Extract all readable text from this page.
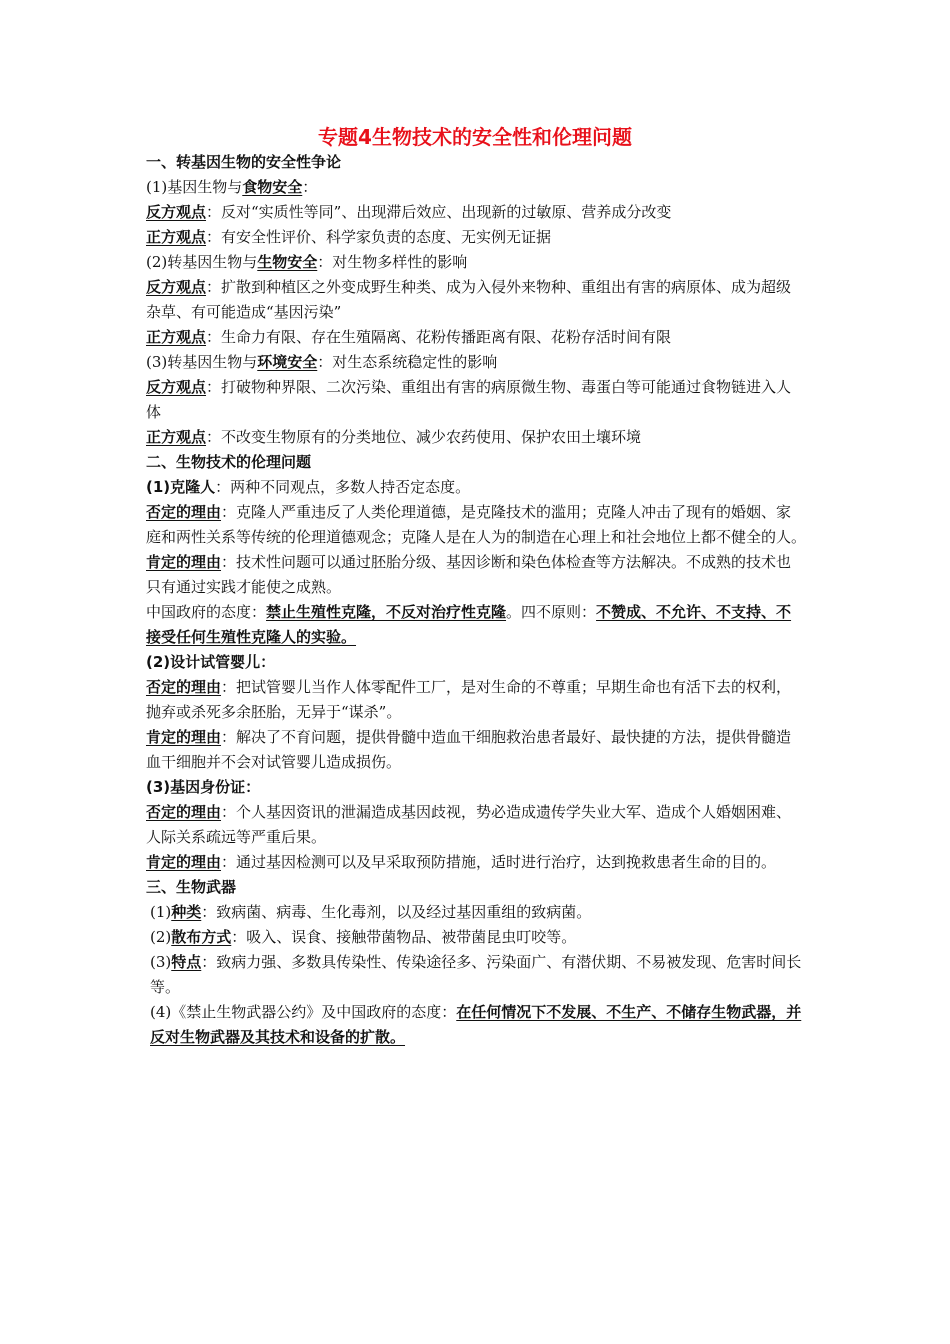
专题4生物技术的安全性和伦理问题

一、转基因生物的安全性争论

(1)基因生物与食物安全：

反方观点：反对“实质性等同”、出现滞后效应、出现新的过敏原、营养成分改变

正方观点：有安全性评价、科学家负责的态度、无实例无证据

(2)转基因生物与生物安全：对生物多样性的影响

反方观点：扩散到种植区之外变成野生种类、成为入侵外来物种、重组出有害的病原体、成为超级杂草、有可能造成“基因污染”

正方观点：生命力有限、存在生殖隔离、花粉传播距离有限、花粉存活时间有限

(3)转基因生物与环境安全：对生态系统稳定性的影响

反方观点：打破物种界限、二次污染、重组出有害的病原微生物、毒蛋白等可能通过食物链进入人体

正方观点：不改变生物原有的分类地位、减少农药使用、保护农田土壤环境

二、生物技术的伦理问题

(1)克隆人：两种不同观点，多数人持否定态度。

否定的理由：克隆人严重违反了人类伦理道德，是克隆技术的滥用；克隆人冲击了现有的婚姻、家庭和两性关系等传统的伦理道德观念；克隆人是在人为的制造在心理上和社会地位上都不健全的人。

肯定的理由：技术性问题可以通过胚胎分级、基因诊断和染色体检查等方法解决。不成熟的技术也只有通过实践才能使之成熟。

中国政府的态度：禁止生殖性克隆，不反对治疗性克隆。四不原则：不赞成、不允许、不支持、不接受任何生殖性克隆人的实验。

(2)设计试管婴儿：

否定的理由：把试管婴儿当作人体零配件工厂，是对生命的不尊重；早期生命也有活下去的权利，抛弃或杀死多余胚胎，无异于“谋杀”。

肯定的理由：解决了不育问题，提供骨髓中造血干细胞救治患者最好、最快捷的方法，提供骨髓造血干细胞并不会对试管婴儿造成损伤。

(3)基因身份证：

否定的理由：个人基因资讯的泄漏造成基因歧视，势必造成遗传学失业大军、造成个人婚姻困难、人际关系疏远等严重后果。

肯定的理由：通过基因检测可以及早采取预防措施，适时进行治疗，达到挽救患者生命的目的。

三、生物武器

(1)种类：致病菌、病毒、生化毒剂，以及经过基因重组的致病菌。

(2)散布方式：吸入、误食、接触带菌物品、被带菌昆虫叮咬等。

(3)特点：致病力强、多数具传染性、传染途径多、污染面广、有潜伏期、不易被发现、危害时间长等。

(4)《禁止生物武器公约》及中国政府的态度：在任何情况下不发展、不生产、不储存生物武器，并反对生物武器及其技术和设备的扩散。
